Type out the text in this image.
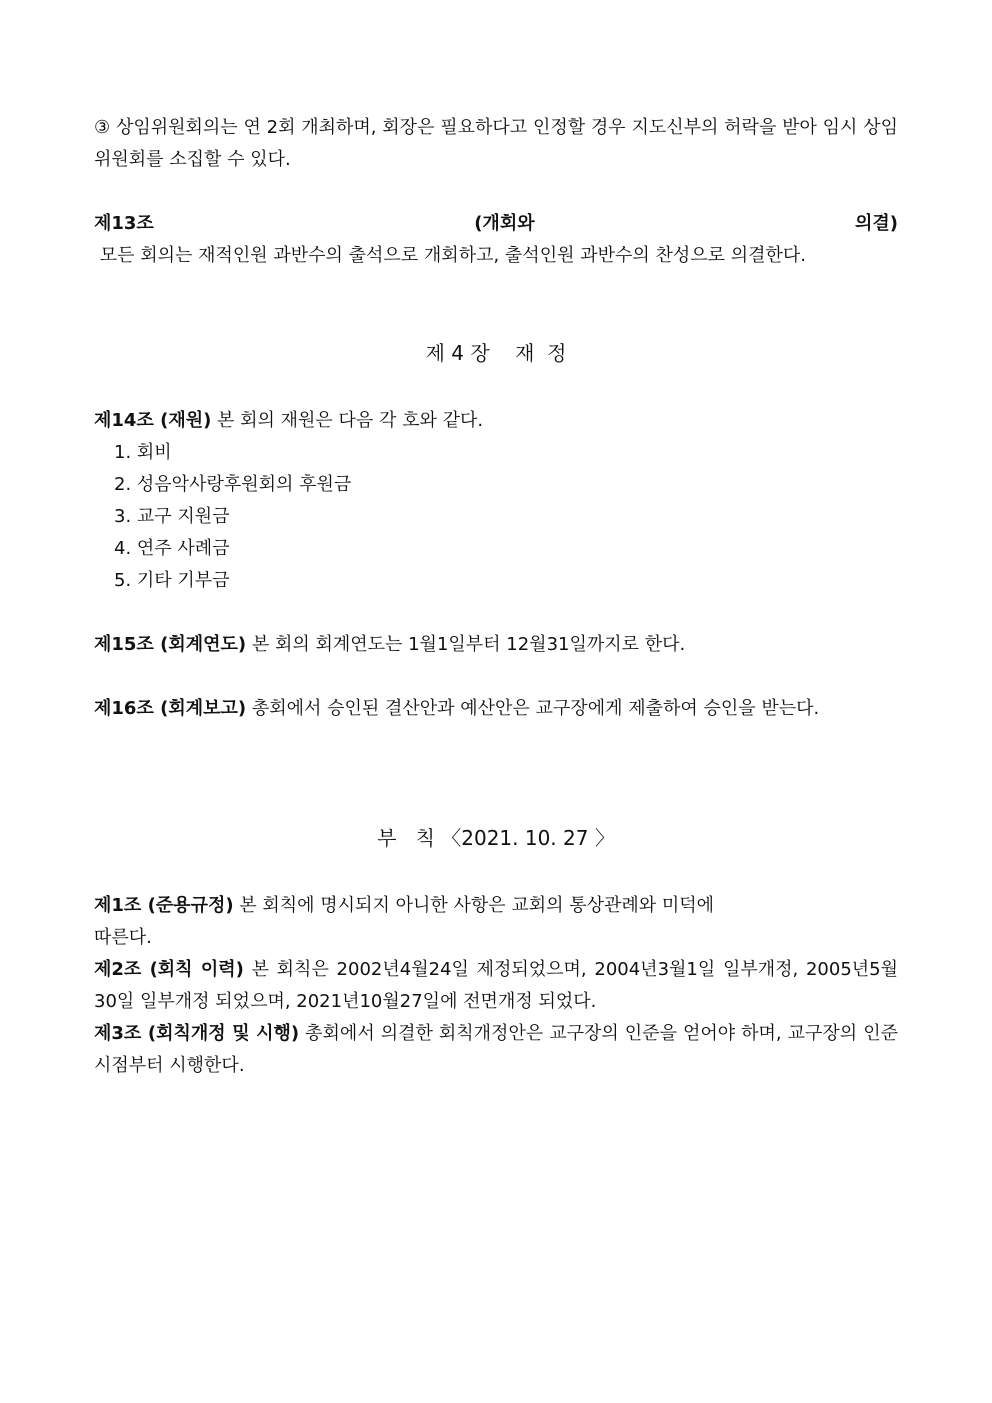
③ 상임위원회의는 연 2회 개최하며, 회장은 필요하다고 인정할 경우 지도신부의 허락을 받아 임시 상임위원회를 소집할 수 있다.

제13조 (개회와 의결) 모든 회의는 재적인원 과반수의 출석으로 개회하고, 출석인원 과반수의 찬성으로 의결한다.

제 4 장    재  정

제14조 (재원) 본 회의 재원은 다음 각 호와 같다.

1. 회비
2. 성음악사랑후원회의 후원금
3. 교구 지원금
4. 연주 사례금
5. 기타 기부금

제15조 (회계연도) 본 회의 회계연도는 1월1일부터 12월31일까지로 한다.

제16조 (회계보고) 총회에서 승인된 결산안과 예산안은 교구장에게 제출하여 승인을 받는다.

부   칙 〈2021. 10. 27 〉

제1조 (준용규정) 본 회칙에 명시되지 아니한 사항은 교회의 통상관례와 미덕에
따른다.

제2조 (회칙 이력) 본 회칙은 2002년4월24일 제정되었으며, 2004년3월1일 일부개정, 2005년5월30일 일부개정 되었으며, 2021년10월27일에 전면개정 되었다.

제3조 (회칙개정 및 시행) 총회에서 의결한 회칙개정안은 교구장의 인준을 얻어야 하며, 교구장의 인준시점부터 시행한다.
